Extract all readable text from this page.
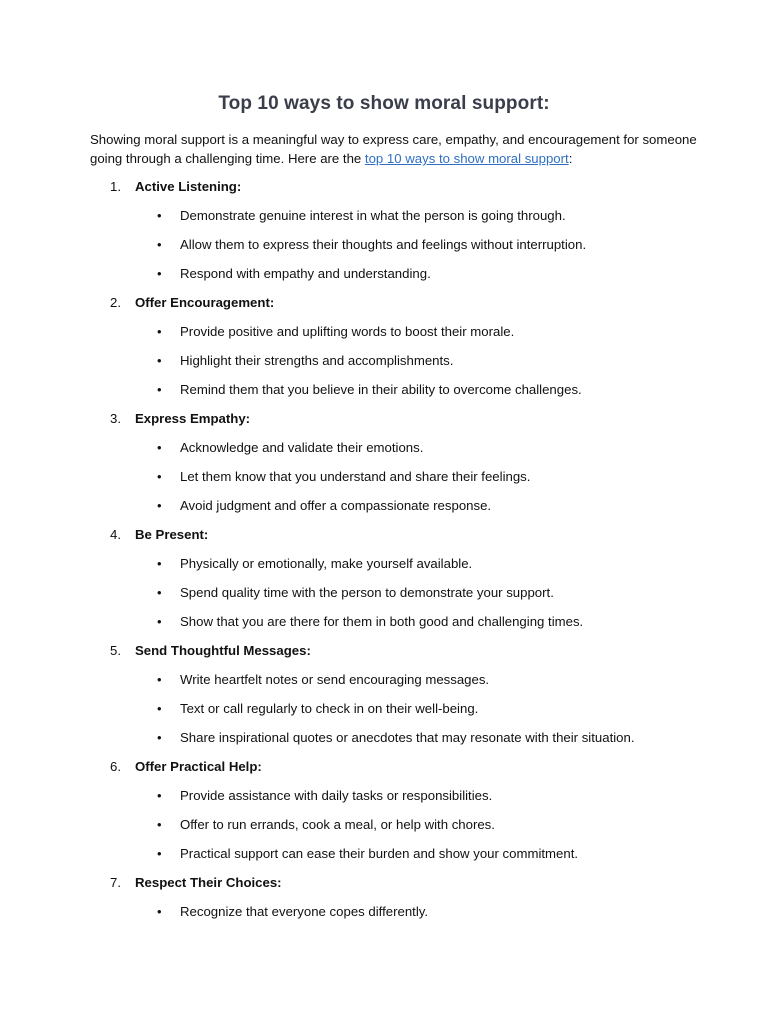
Top 10 ways to show moral support:

Showing moral support is a meaningful way to express care, empathy, and encouragement for someone going through a challenging time. Here are the top 10 ways to show moral support:

1. Active Listening:
• Demonstrate genuine interest in what the person is going through.
• Allow them to express their thoughts and feelings without interruption.
• Respond with empathy and understanding.
2. Offer Encouragement:
• Provide positive and uplifting words to boost their morale.
• Highlight their strengths and accomplishments.
• Remind them that you believe in their ability to overcome challenges.
3. Express Empathy:
• Acknowledge and validate their emotions.
• Let them know that you understand and share their feelings.
• Avoid judgment and offer a compassionate response.
4. Be Present:
• Physically or emotionally, make yourself available.
• Spend quality time with the person to demonstrate your support.
• Show that you are there for them in both good and challenging times.
5. Send Thoughtful Messages:
• Write heartfelt notes or send encouraging messages.
• Text or call regularly to check in on their well-being.
• Share inspirational quotes or anecdotes that may resonate with their situation.
6. Offer Practical Help:
• Provide assistance with daily tasks or responsibilities.
• Offer to run errands, cook a meal, or help with chores.
• Practical support can ease their burden and show your commitment.
7. Respect Their Choices:
• Recognize that everyone copes differently.
